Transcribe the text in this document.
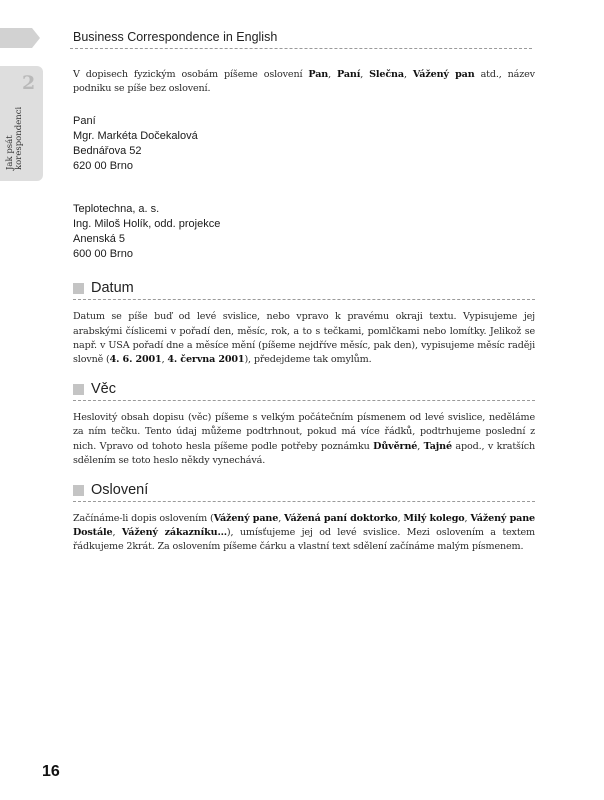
Business Correspondence in English
2
Jak psát korespondenci

V dopisech fyzickým osobám píšeme oslovení Pan, Paní, Slečna, Vážený pan atd., název podniku se píše bez oslovení.

Paní
Mgr. Markéta Dočekalová
Bednářova 52
620 00 Brno
Teplotechna, a. s.
Ing. Miloš Holík, odd. projekce
Anenská 5
600 00 Brno
Datum

Datum se píše buď od levé svislice, nebo vpravo k pravému okraji textu. Vypisujeme jej arabskými číslicemi v pořadí den, měsíc, rok, a to s tečkami, pomlčkami nebo lomítky. Jelikož se např. v USA pořadí dne a měsíce mění (píšeme nejdříve měsíc, pak den), vypisujeme měsíc raději slovně (4. 6. 2001, 4. června 2001), předejdeme tak omylům.

Věc

Heslovitý obsah dopisu (věc) píšeme s velkým počátečním písmenem od levé svislice, neděláme za ním tečku. Tento údaj můžeme podtrhnout, pokud má více řádků, podtrhujeme poslední z nich. Vpravo od tohoto hesla píšeme podle potřeby poznámku Důvěrné, Tajné apod., v kratších sdělením se toto heslo někdy vynechává.

Oslovení

Začínáme-li dopis oslovením (Vážený pane, Vážená paní doktorko, Milý kolego, Vážený pane Dostále, Vážený zákazníku…), umísťujeme jej od levé svislice. Mezi oslovením a textem řádkujeme 2krát. Za oslovením píšeme čárku a vlastní text sdělení začínáme malým písmenem.

16
